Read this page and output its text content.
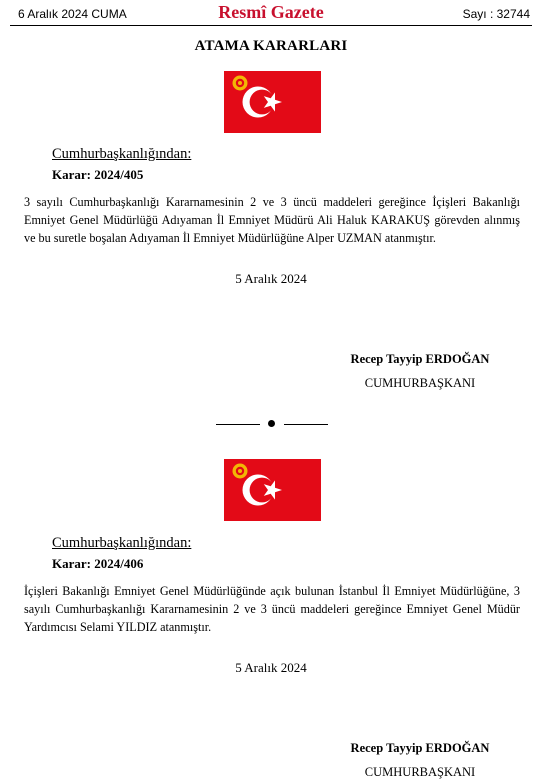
6 Aralık 2024 CUMA	Resmî Gazete	Sayı : 32744
ATAMA KARARLARI
Cumhurbaşkanlığından:
Karar: 2024/405
3 sayılı Cumhurbaşkanlığı Kararnamesinin 2 ve 3 üncü maddeleri gereğince İçişleri Bakanlığı Emniyet Genel Müdürlüğü Adıyaman İl Emniyet Müdürü Ali Haluk KARAKUŞ görevden alınmış ve bu suretle boşalan Adıyaman İl Emniyet Müdürlüğüne Alper UZMAN atanmıştır.
5 Aralık 2024
Recep Tayyip ERDOĞAN
CUMHURBAŞKANI
Cumhurbaşkanlığından:
Karar: 2024/406
İçişleri Bakanlığı Emniyet Genel Müdürlüğünde açık bulunan İstanbul İl Emniyet Müdürlüğüne, 3 sayılı Cumhurbaşkanlığı Kararnamesinin 2 ve 3 üncü maddeleri gereğince Emniyet Genel Müdür Yardımcısı Selami YILDIZ atanmıştır.
5 Aralık 2024
Recep Tayyip ERDOĞAN
CUMHURBAŞKANI
